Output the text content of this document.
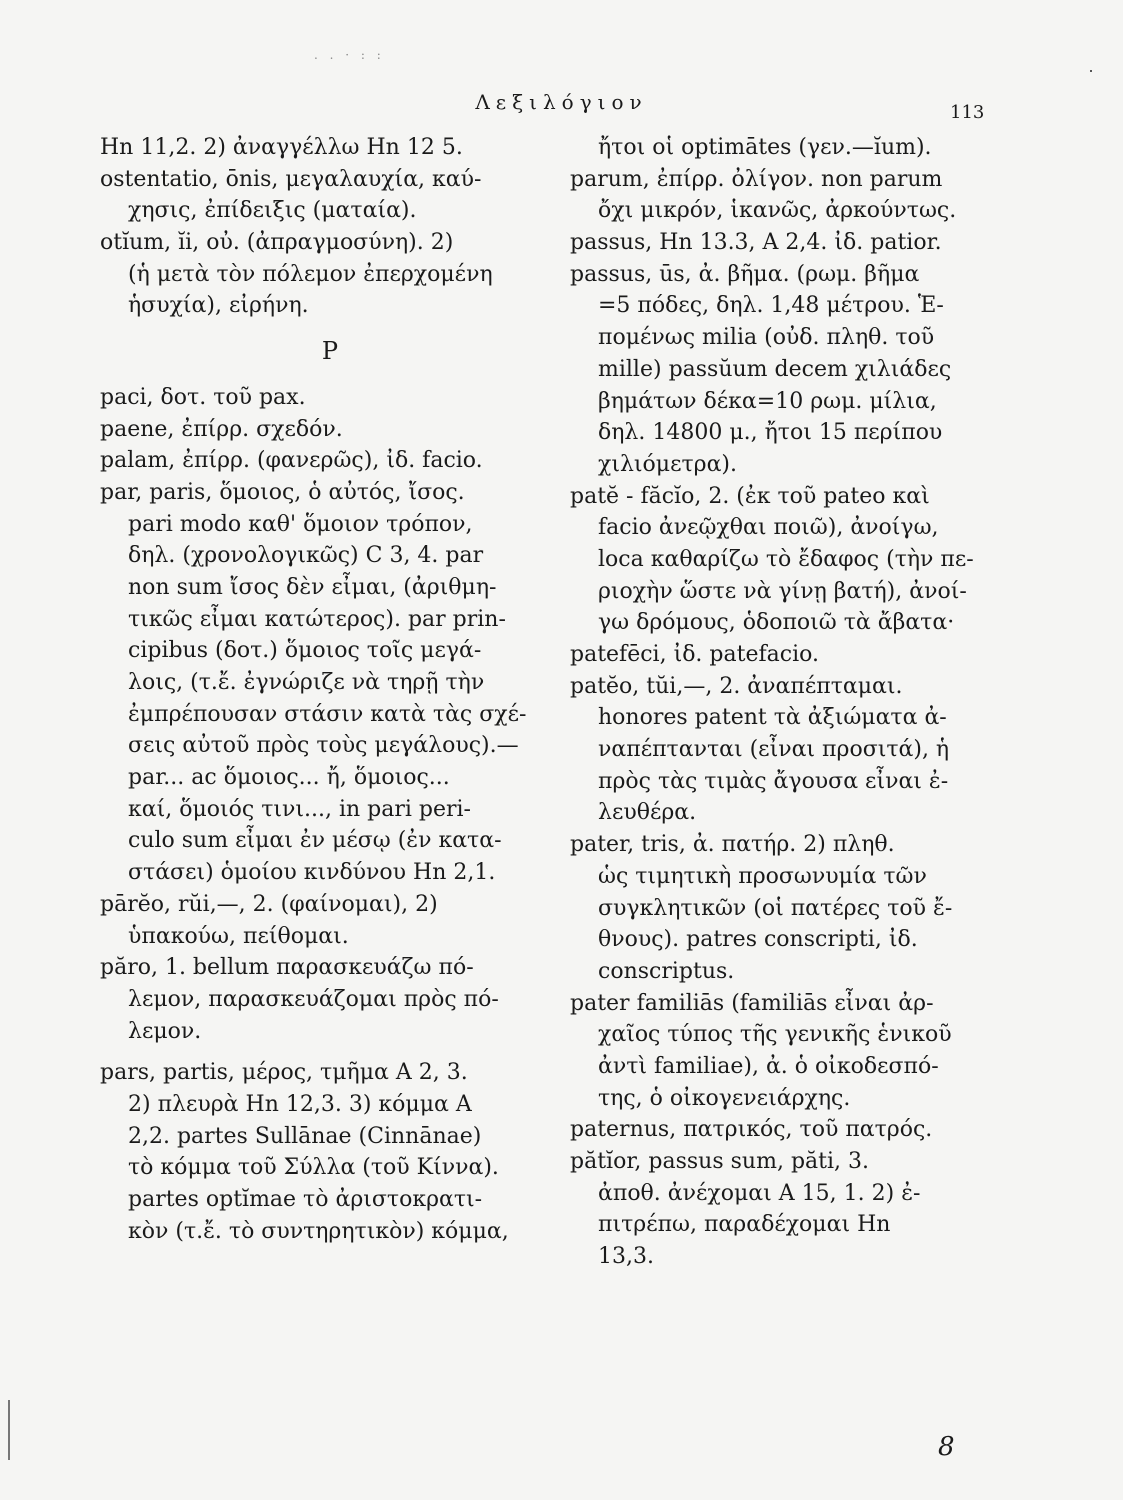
. . · : :
Λεξιλόγιον	113
Hn 11,2. 2) ἀναγγέλλω Hn 12 5.
ostentatio, ōnis, μεγαλαυχία, καύ-
χησις, ἐπίδειξις (ματαία).
otĭum, ĭi, οὐ. (ἀπραγμοσύνη). 2)
(ἡ μετὰ τὸν πόλεμον ἐπερχομένη
ἡσυχία), εἰρήνη.
P
paci, δοτ. τοῦ pax.
paene, ἐπίρρ. σχεδόν.
palam, ἐπίρρ. (φανερῶς), ἰδ. facio.
par, paris, ὅμοιος, ὁ αὐτός, ἴσος.
pari modo καθ' ὅμοιον τρόπον,
δηλ. (χρονολογικῶς) C 3, 4. par
non sum ἴσος δὲν εἶμαι, (ἀριθμη-
τικῶς εἶμαι κατώτερος). par prin-
cipibus (δοτ.) ὅμοιος τοῖς μεγά-
λοις, (τ.ἔ. ἐγνώριζε νὰ τηρῇ τὴν
ἐμπρέπουσαν στάσιν κατὰ τὰς σχέ-
σεις αὐτοῦ πρὸς τοὺς μεγάλους).—
par... ac ὅμοιος... ἤ, ὅμοιος...
καί, ὅμοιός τινι..., in pari peri-
culo sum εἶμαι ἐν μέσῳ (ἐν κατα-
στάσει) ὁμοίου κινδύνου Hn 2,1.
pārĕo, rŭi,—, 2. (φαίνομαι), 2)
ὑπακούω, πείθομαι.
păro, 1. bellum παρασκευάζω πό-
λεμον, παρασκευάζομαι πρὸς πό-
λεμον.
pars, partis, μέρος, τμῆμα A 2, 3.
2) πλευρὰ Hn 12,3. 3) κόμμα A
2,2. partes Sullānae (Cinnānae)
τὸ κόμμα τοῦ Σύλλα (τοῦ Κίννα).
partes optĭmae τὸ ἀριστοκρατι-
κὸν (τ.ἔ. τὸ συντηρητικὸν) κόμμα,
ἤτοι οἱ optimātes (γεν.—ĭum).
parum, ἐπίρρ. ὀλίγον. non parum
ὄχι μικρόν, ἱκανῶς, ἀρκούντως.
passus, Hn 13.3, A 2,4. ἰδ. patior.
passus, ūs, ἀ. βῆμα. (ρωμ. βῆμα
=5 πόδες, δηλ. 1,48 μέτρου. Ἑ-
πομένως milia (οὐδ. πληθ. τοῦ
mille) passŭum decem χιλιάδες
βημάτων δέκα=10 ρωμ. μίλια,
δηλ. 14800 μ., ἤτοι 15 περίπου
χιλιόμετρα).
patĕ - făcĭo, 2. (ἐκ τοῦ pateo καὶ
facio ἀνεῷχθαι ποιῶ), ἀνοίγω,
loca καθαρίζω τὸ ἔδαφος (τὴν πε-
ριοχὴν ὥστε νὰ γίνῃ βατή), ἀνοί-
γω δρόμους, ὁδοποιῶ τὰ ἄβατα·
patefēci, ἰδ. patefacio.
patĕo, tŭi,—, 2. ἀναπέπταμαι.
honores patent τὰ ἀξιώματα ἀ-
ναπέπτανται (εἶναι προσιτά), ἡ
πρὸς τὰς τιμὰς ἄγουσα εἶναι ἐ-
λευθέρα.
pater, tris, ἀ. πατήρ. 2) πληθ.
ὡς τιμητικὴ προσωνυμία τῶν
συγκλητικῶν (οἱ πατέρες τοῦ ἔ-
θνους). patres conscripti, ἰδ.
conscriptus.
pater familiās (familiās εἶναι ἀρ-
χαῖος τύπος τῆς γενικῆς ἑνικοῦ
ἀντὶ familiae), ἀ. ὁ οἰκοδεσπό-
της, ὁ οἰκογενειάρχης.
paternus, πατρικός, τοῦ πατρός.
pătĭor, passus sum, păti, 3.
ἀποθ. ἀνέχομαι A 15, 1. 2) ἐ-
πιτρέπω, παραδέχομαι Hn
13,3.
8
